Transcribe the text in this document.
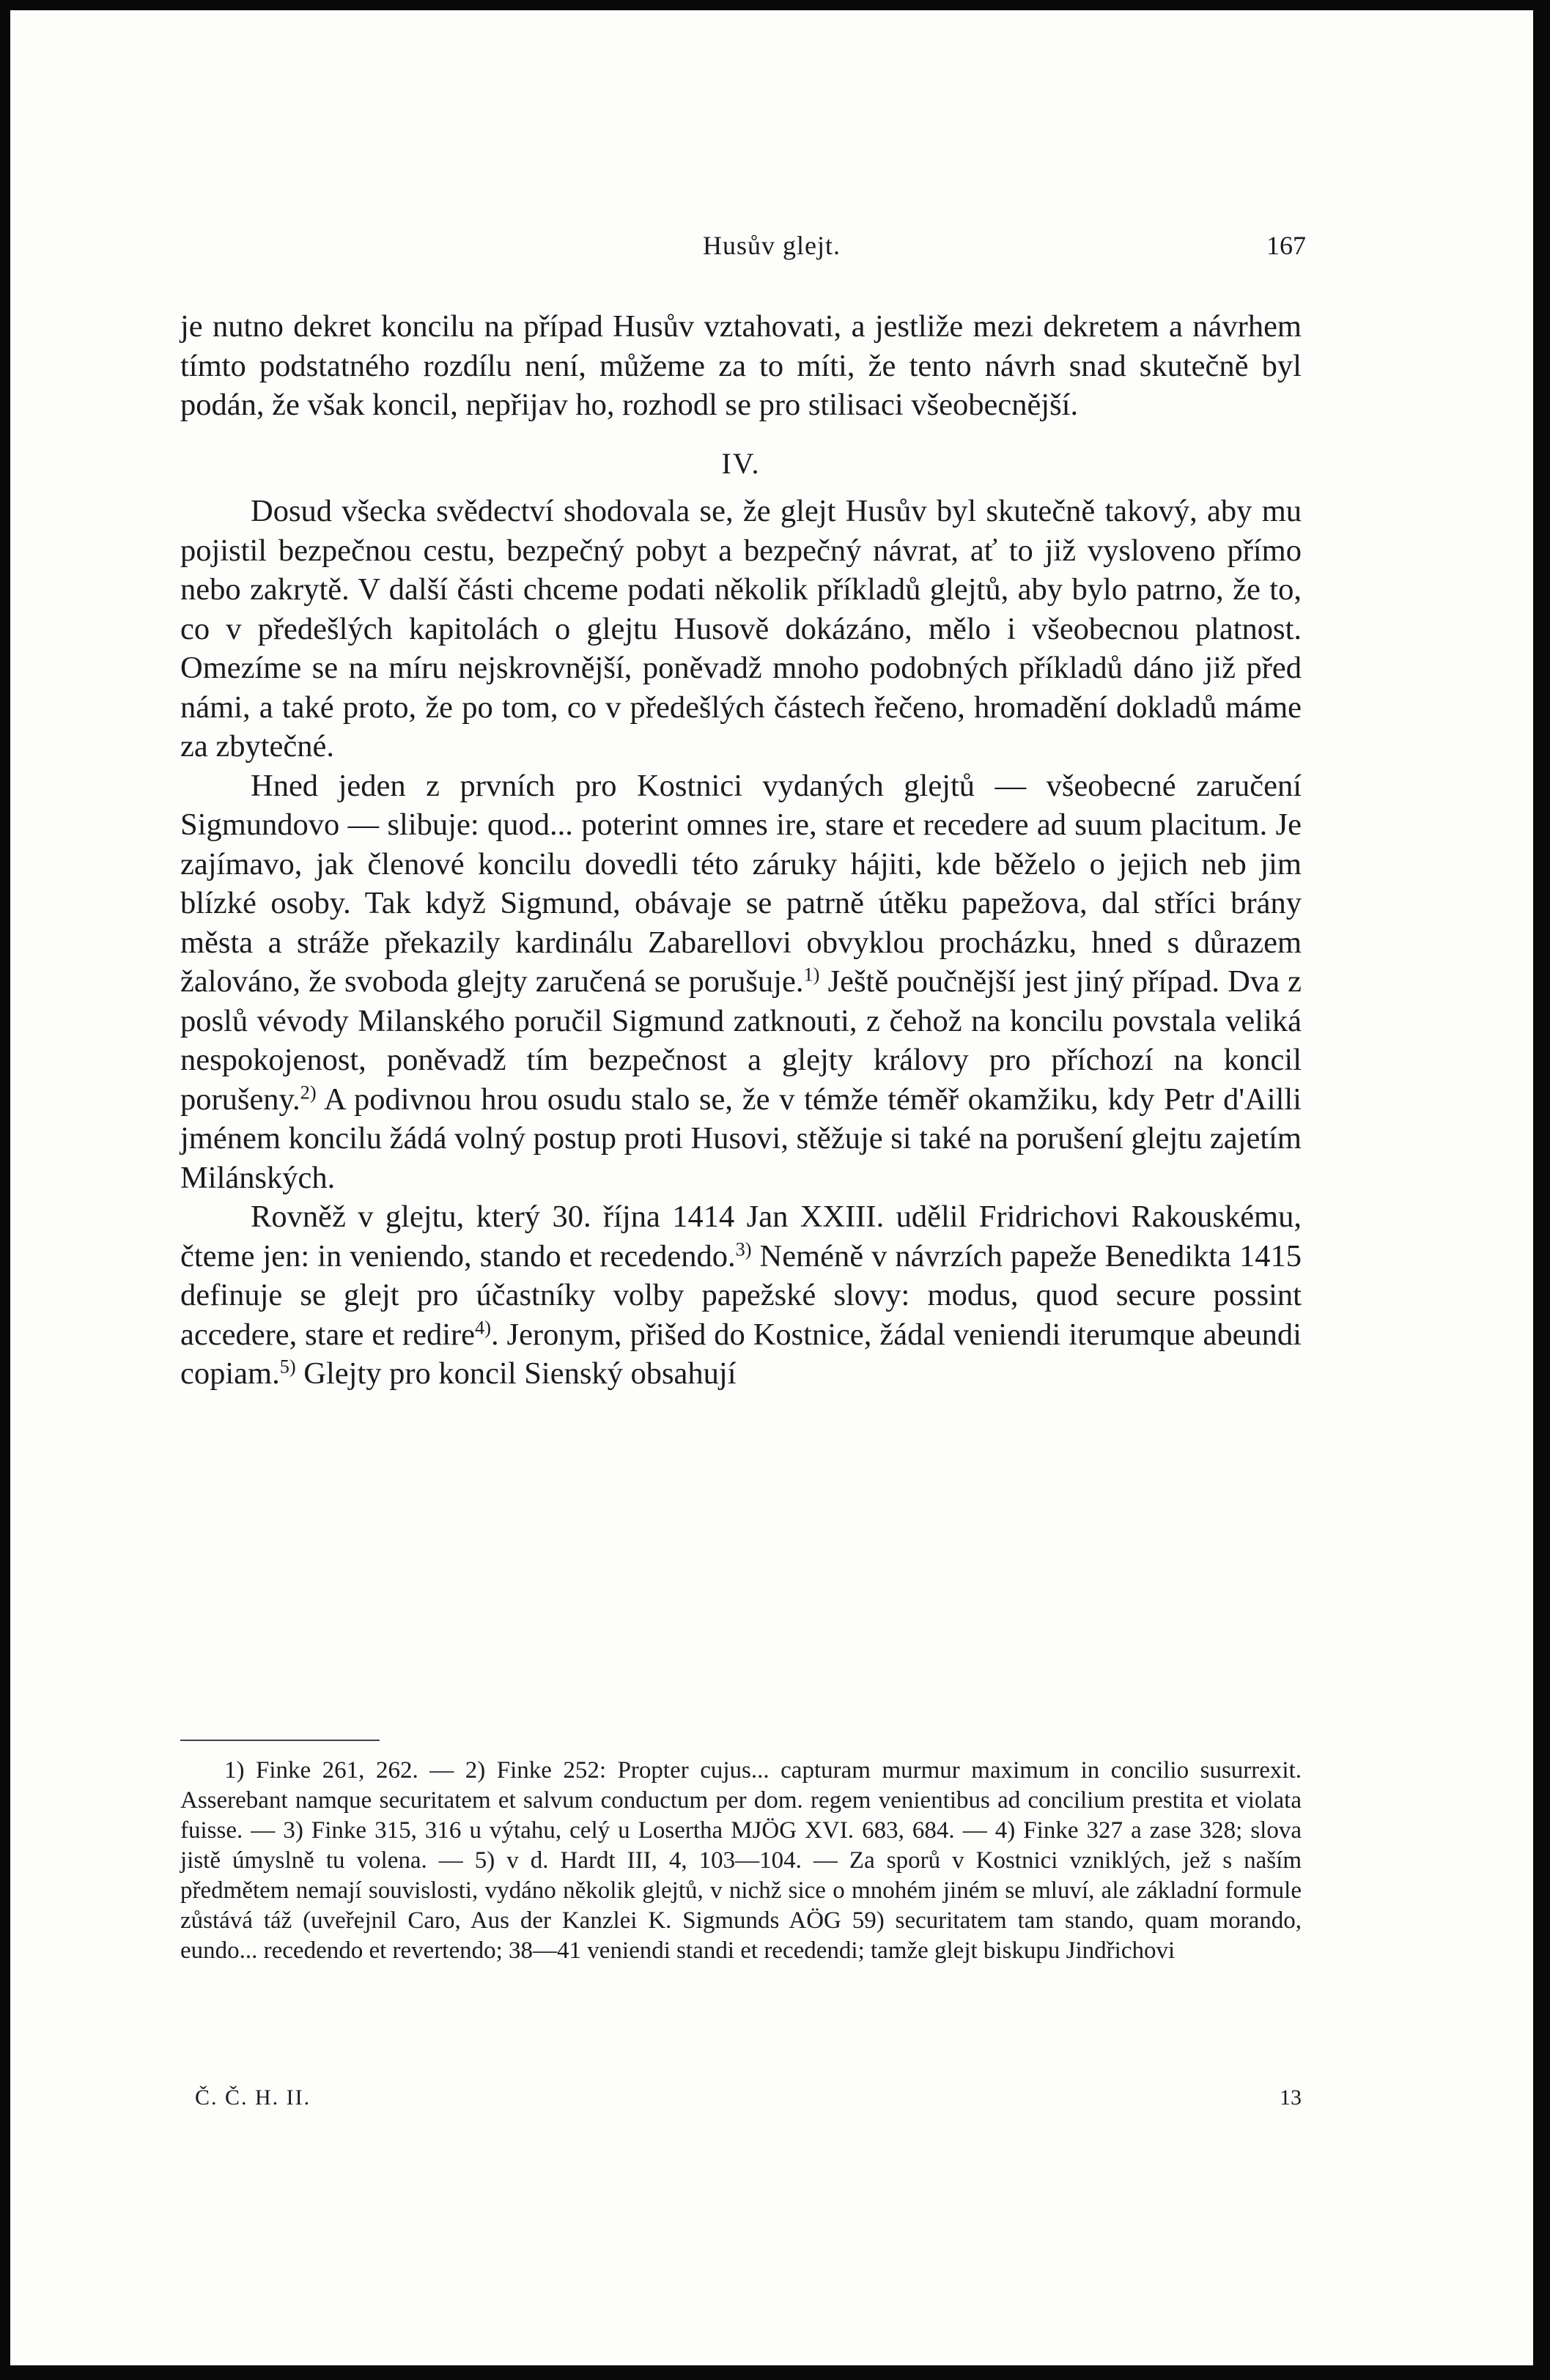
Husův glejt.	167

je nutno dekret koncilu na případ Husův vztahovati, a jestliže mezi dekretem a návrhem tímto podstatného rozdílu není, můžeme za to míti, že tento návrh snad skutečně byl podán, že však koncil, nepřijav ho, rozhodl se pro stilisaci všeobecnější.

IV.

Dosud všecka svědectví shodovala se, že glejt Husův byl skutečně takový, aby mu pojistil bezpečnou cestu, bezpečný pobyt a bezpečný návrat, ať to již vysloveno přímo nebo zakrytě. V další části chceme podati několik příkladů glejtů, aby bylo patrno, že to, co v předešlých kapitolách o glejtu Husově dokázáno, mělo i všeobecnou platnost. Omezíme se na míru nejskrovnější, poněvadž mnoho podobných příkladů dáno již před námi, a také proto, že po tom, co v předešlých částech řečeno, hromadění dokladů máme za zbytečné.

Hned jeden z prvních pro Kostnici vydaných glejtů — všeobecné zaručení Sigmundovo — slibuje: quod... poterint omnes ire, stare et recedere ad suum placitum. Je zajímavo, jak členové koncilu dovedli této záruky hájiti, kde běželo o jejich neb jim blízké osoby. Tak když Sigmund, obávaje se patrně útěku papežova, dal stříci brány města a stráže překazily kardinálu Zabarellovi obvyklou procházku, hned s důrazem žalováno, že svoboda glejty zaručená se porušuje.$^{1)}$ Ještě poučnější jest jiný případ. Dva z poslů vévody Milanského poručil Sigmund zatknouti, z čehož na koncilu povstala veliká nespokojenost, poněvadž tím bezpečnost a glejty královy pro příchozí na koncil porušeny.$^{2)}$ A podivnou hrou osudu stalo se, že v témže téměř okamžiku, kdy Petr d'Ailli jménem koncilu žádá volný postup proti Husovi, stěžuje si také na porušení glejtu zajetím Milánských.

Rovněž v glejtu, který 30. října 1414 Jan XXIII. udělil Fridrichovi Rakouskému, čteme jen: in veniendo, stando et recedendo.$^{3)}$ Neméně v návrzích papeže Benedikta 1415 definuje se glejt pro účastníky volby papežské slovy: modus, quod secure possint accedere, stare et redire$^{4)}$. Jeronym, přišed do Kostnice, žádal veniendi iterumque abeundi copiam.$^{5)}$ Glejty pro koncil Sienský obsahují

1) Finke 261, 262. — 2) Finke 252: Propter cujus... capturam murmur maximum in concilio susurrexit. Asserebant namque securitatem et salvum conductum per dom. regem venientibus ad concilium prestita et violata fuisse. — 3) Finke 315, 316 u výtahu, celý u Losertha MJÖG XVI. 683, 684. — 4) Finke 327 a zase 328; slova jistě úmyslně tu volena. — 5) v d. Hardt III, 4, 103—104. — Za sporů v Kostnici vzniklých, jež s naším předmětem nemají souvislosti, vydáno několik glejtů, v nichž sice o mnohém jiném se mluví, ale základní formule zůstává táž (uveřejnil Caro, Aus der Kanzlei K. Sigmunds AÖG 59) securitatem tam stando, quam morando, eundo... recedendo et revertendo; 38—41 veniendi standi et recedendi; tamže glejt biskupu Jindřichovi

Č. Č. H. II.	13
